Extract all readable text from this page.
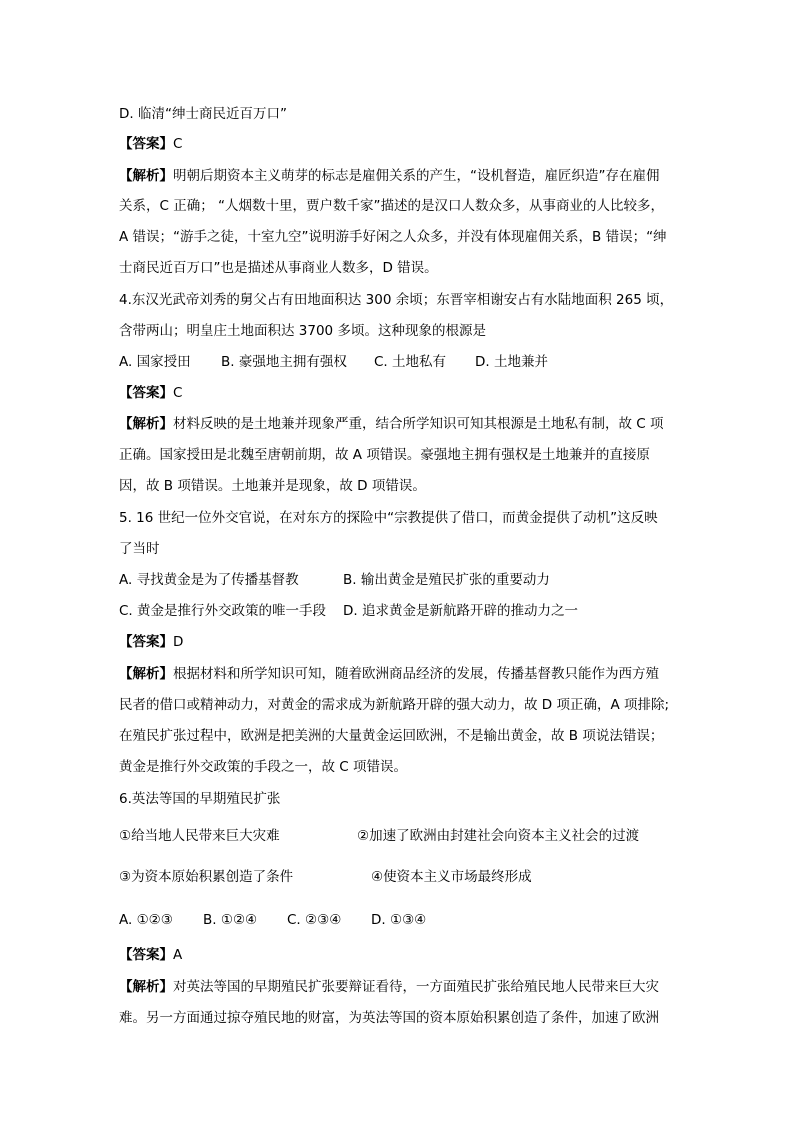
D. 临清“绅士商民近百万口”
【答案】C
【解析】明朝后期资本主义萌芽的标志是雇佣关系的产生，“设机督造，雇匠织造”存在雇佣
关系，C 正确； “人烟数十里，贾户数千家”描述的是汉口人数众多，从事商业的人比较多，
A 错误；“游手之徒，十室九空”说明游手好闲之人众多，并没有体现雇佣关系，B 错误；“绅
士商民近百万口”也是描述从事商业人数多，D 错误。
4.东汉光武帝刘秀的舅父占有田地面积达 300 余顷；东晋宰相谢安占有水陆地面积 265 顷，
含带两山；明皇庄土地面积达 3700 多顷。这种现象的根源是
A. 国家授田 B. 豪强地主拥有强权 C. 土地私有 D. 土地兼并
【答案】C
【解析】材料反映的是土地兼并现象严重，结合所学知识可知其根源是土地私有制，故 C 项
正确。国家授田是北魏至唐朝前期，故 A 项错误。豪强地主拥有强权是土地兼并的直接原
因，故 B 项错误。土地兼并是现象，故 D 项错误。
5. 16 世纪一位外交官说，在对东方的探险中“宗教提供了借口，而黄金提供了动机”这反映
了当时
A. 寻找黄金是为了传播基督教	B. 输出黄金是殖民扩张的重要动力
C. 黄金是推行外交政策的唯一手段 D. 追求黄金是新航路开辟的推动力之一
【答案】D
【解析】根据材料和所学知识可知，随着欧洲商品经济的发展，传播基督教只能作为西方殖
民者的借口或精神动力，对黄金的需求成为新航路开辟的强大动力，故 D 项正确，A 项排除;
在殖民扩张过程中，欧洲是把美洲的大量黄金运回欧洲，不是输出黄金，故 B 项说法错误；
黄金是推行外交政策的手段之一，故 C 项错误。
6.英法等国的早期殖民扩张
①给当地人民带来巨大灾难	②加速了欧洲由封建社会向资本主义社会的过渡
③为资本原始积累创造了条件	④使资本主义市场最终形成
A. ①②③ B. ①②④ C. ②③④ D. ①③④
【答案】A
【解析】对英法等国的早期殖民扩张要辩证看待，一方面殖民扩张给殖民地人民带来巨大灾
难。另一方面通过掠夺殖民地的财富，为英法等国的资本原始积累创造了条件，加速了欧洲
